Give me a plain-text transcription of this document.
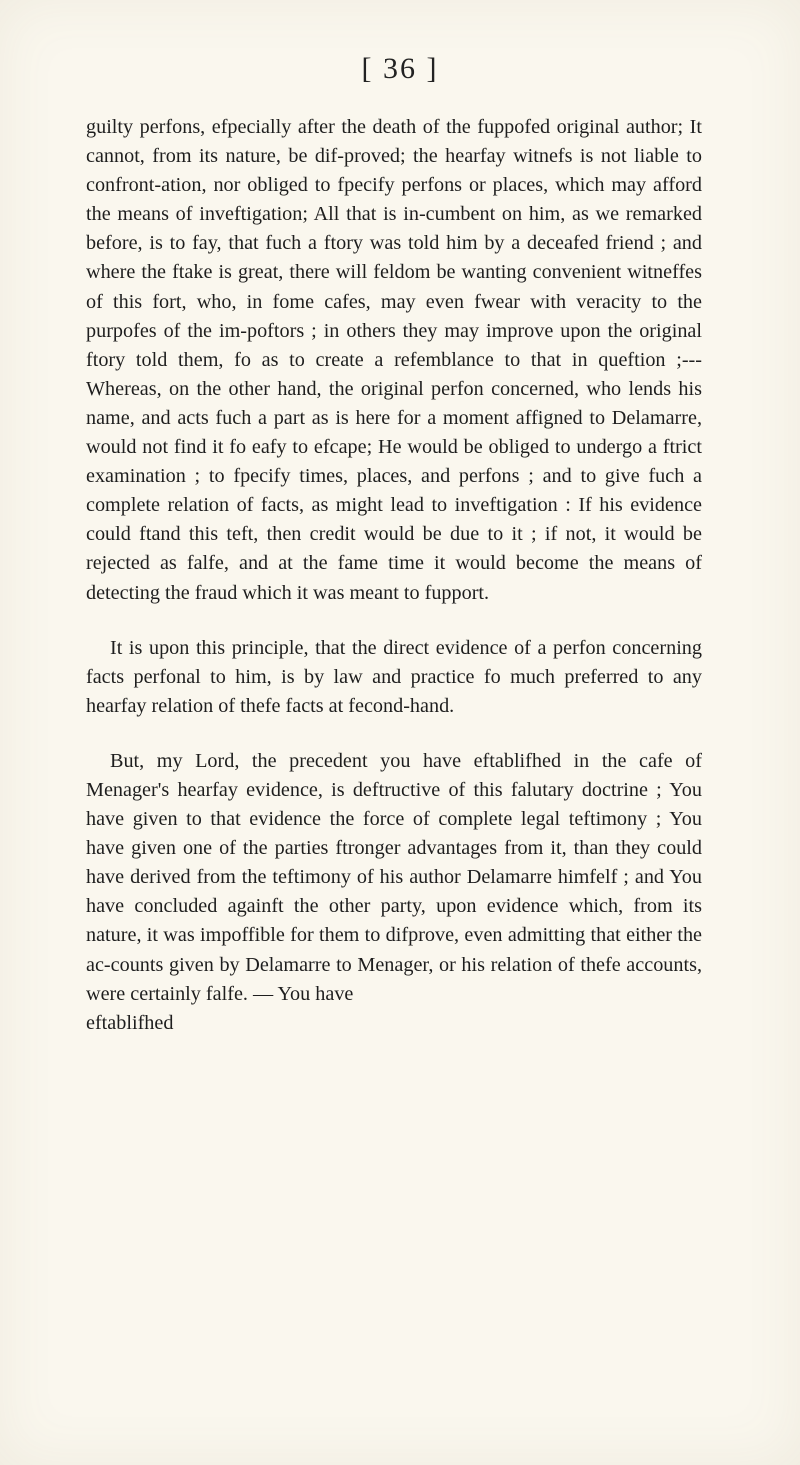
[ 36 ]

guilty perfons, efpecially after the death of the fuppofed original author; It cannot, from its nature, be dif-proved; the hearfay witnefs is not liable to confront-ation, nor obliged to fpecify perfons or places, which may afford the means of inveftigation; All that is in-cumbent on him, as we remarked before, is to fay, that fuch a ftory was told him by a deceafed friend ; and where the ftake is great, there will feldom be wanting convenient witneffes of this fort, who, in fome cafes, may even fwear with veracity to the purpofes of the im-poftors ; in others they may improve upon the original ftory told them, fo as to create a refemblance to that in queftion ;---Whereas, on the other hand, the original perfon concerned, who lends his name, and acts fuch a part as is here for a moment affigned to Delamarre, would not find it fo eafy to efcape; He would be obliged to undergo a ftrict examination ; to fpecify times, places, and perfons ; and to give fuch a complete relation of facts, as might lead to inveftigation : If his evidence could ftand this teft, then credit would be due to it ; if not, it would be rejected as falfe, and at the fame time it would become the means of detecting the fraud which it was meant to fupport.

It is upon this principle, that the direct evidence of a perfon concerning facts perfonal to him, is by law and practice fo much preferred to any hearfay relation of thefe facts at fecond-hand.

But, my Lord, the precedent you have eftablifhed in the cafe of Menager's hearfay evidence, is deftructive of this falutary doctrine ; You have given to that evidence the force of complete legal teftimony ; You have given one of the parties ftronger advantages from it, than they could have derived from the teftimony of his author Delamarre himfelf ; and You have concluded againft the other party, upon evidence which, from its nature, it was impoffible for them to difprove, even admitting that either the ac-counts given by Delamarre to Menager, or his relation of thefe accounts, were certainly falfe. — You have

eftablifhed
